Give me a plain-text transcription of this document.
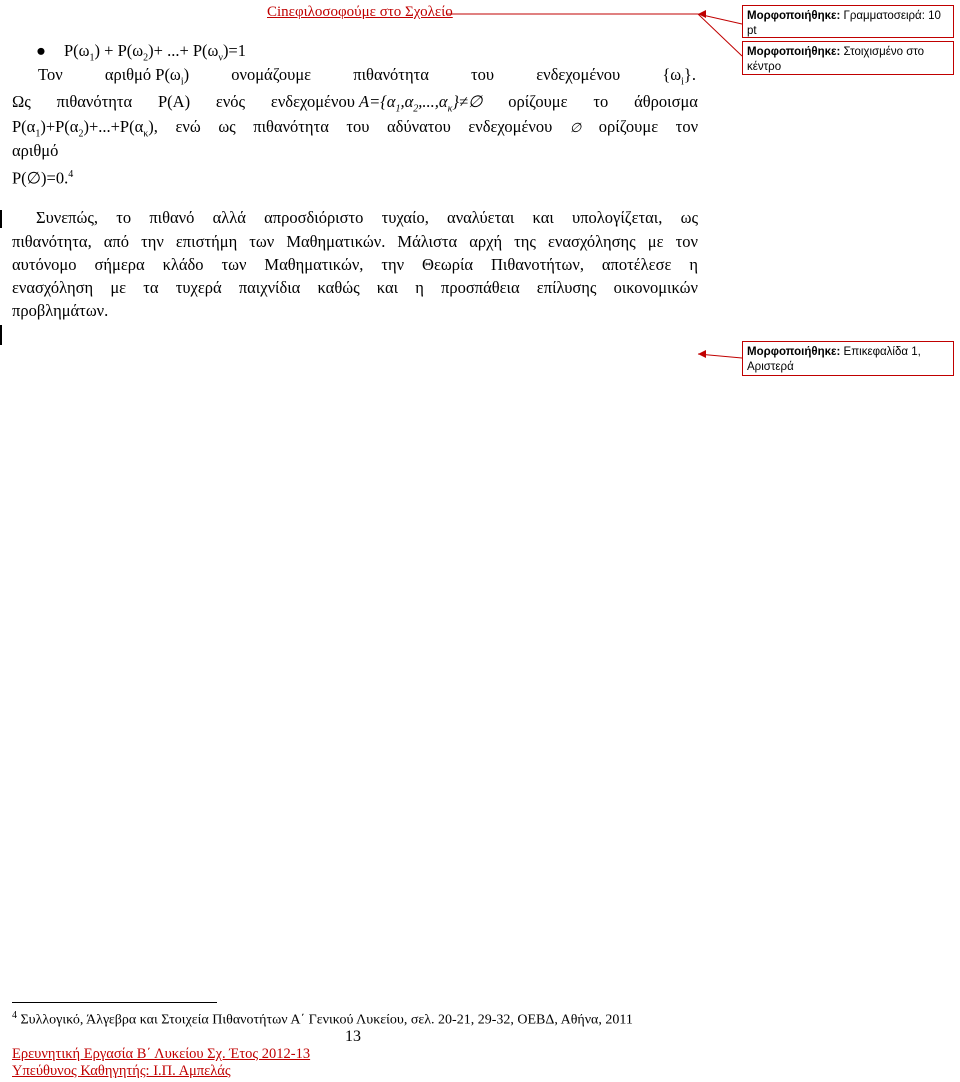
Cinεφιλοσοφούμε στο Σχολείο
● $P(\omega_1) + P(\omega_2)+$ ...+ $P(\omega_\nu)=1$
Τον	αριθμό $P(\omega_i)$	ονομάζουμε	πιθανότητα	του	ενδεχομένου	$\{\omega_i\}$.
Ως πιθανότητα P(A) ενός ενδεχομένου $A=\{\alpha_1,\alpha_2,...,\alpha_\kappa\}\ne\emptyset$ ορίζουμε το άθροισμα
$P(\alpha_1)+P(\alpha_2)+...+P(\alpha_\kappa)$, ενώ ως πιθανότητα του αδύνατου ενδεχομένου ∅ ορίζουμε τον
αριθμό
P(∅)=0.$^4$
Συνεπώς, το πιθανό αλλά απροσδιόριστο τυχαίο, αναλύεται και υπολογίζεται, ως
πιθανότητα, από την επιστήμη των Μαθηματικών. Μάλιστα αρχή της ενασχόλησης με τον
αυτόνομο σήμερα κλάδο των Μαθηματικών, την Θεωρία Πιθανοτήτων, αποτέλεσε η
ενασχόληση με τα τυχερά παιχνίδια καθώς και η προσπάθεια επίλυσης οικονομικών
προβλημάτων.
Μορφοποιήθηκε: Γραμματοσειρά: 10 pt
Μορφοποιήθηκε: Στοιχισμένο στο κέντρο
Μορφοποιήθηκε: Επικεφαλίδα 1, Αριστερά
$^4$ Συλλογικό, Άλγεβρα και Στοιχεία Πιθανοτήτων Α΄ Γενικού Λυκείου, σελ. 20-21, 29-32, ΟΕΒΔ, Αθήνα, 2011
13
Ερευνητική Εργασία Β΄ Λυκείου Σχ. Έτος 2012-13
Υπεύθυνος Καθηγητής: Ι.Π. Αμπελάς
